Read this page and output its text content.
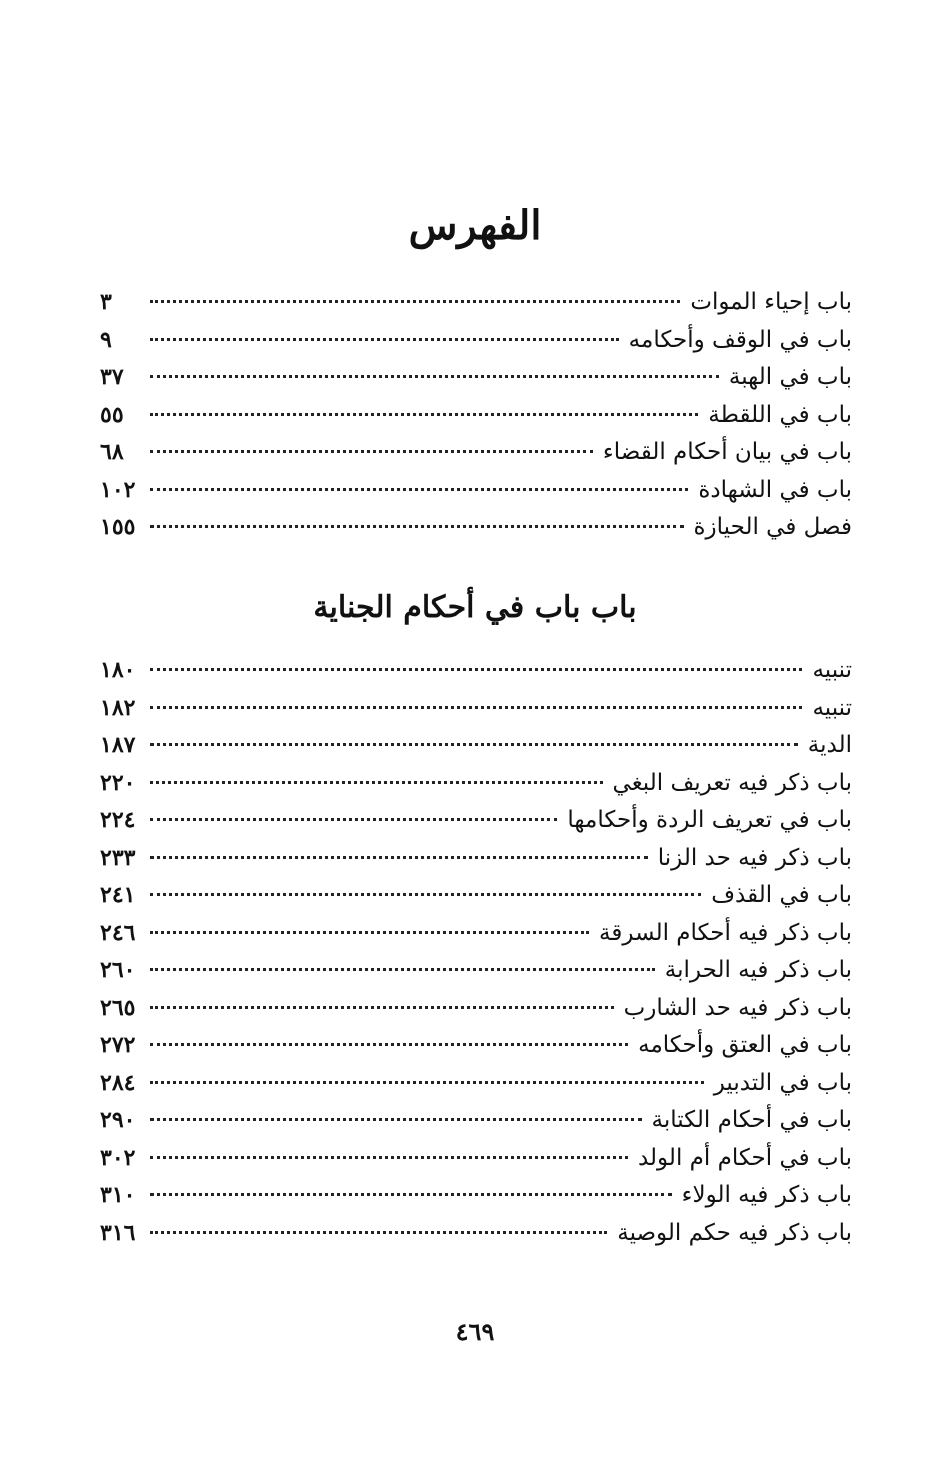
الفهرس
باب إحياء الموات
٣
باب في الوقف وأحكامه
٩
باب في الهبة
٣٧
باب في اللقطة
٥٥
باب في بيان أحكام القضاء
٦٨
باب في الشهادة
١٠٢
فصل في الحيازة
١٥٥
باب باب في أحكام الجناية
تنبيه
١٨٠
تنبيه
١٨٢
الدية
١٨٧
باب ذكر فيه تعريف البغي
٢٢٠
باب في تعريف الردة وأحكامها
٢٢٤
باب ذكر فيه حد الزنا
٢٣٣
باب في القذف
٢٤١
باب ذكر فيه أحكام السرقة
٢٤٦
باب ذكر فيه الحرابة
٢٦٠
باب ذكر فيه حد الشارب
٢٦٥
باب في العتق وأحكامه
٢٧٢
باب في التدبير
٢٨٤
باب في أحكام الكتابة
٢٩٠
باب في أحكام أم الولد
٣٠٢
باب ذكر فيه الولاء
٣١٠
باب ذكر فيه حكم الوصية
٣١٦
٤٦٩
